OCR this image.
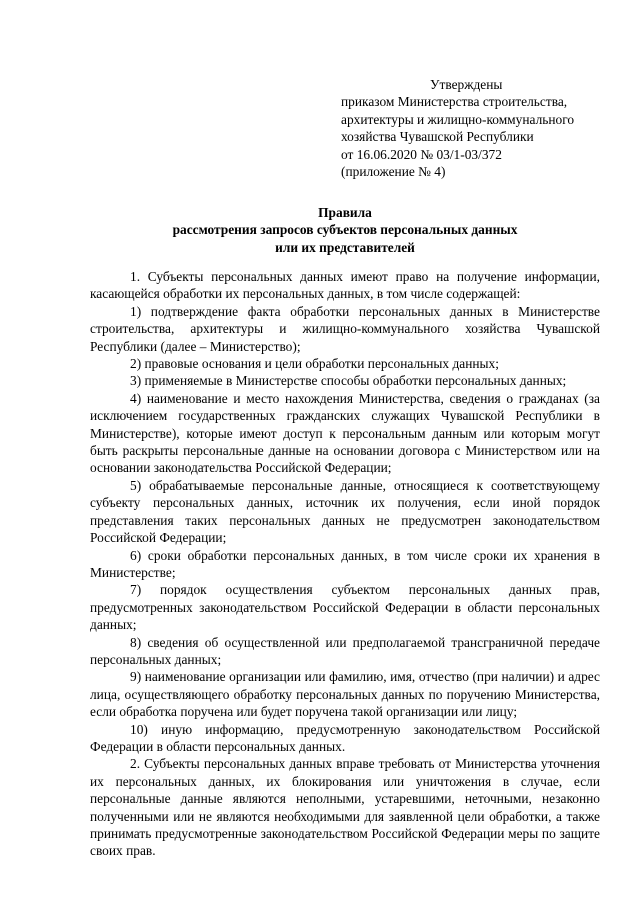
Утверждены
приказом Министерства строительства,
архитектуры и жилищно-коммунального
хозяйства Чувашской Республики
от 16.06.2020 № 03/1-03/372
(приложение № 4)
Правила
рассмотрения запросов субъектов персональных данных
или их представителей

1. Субъекты персональных данных имеют право на получение информации, касающейся обработки их персональных данных, в том числе содержащей:

1) подтверждение факта обработки персональных данных в Министерстве строительства, архитектуры и жилищно-коммунального хозяйства Чувашской Республики (далее – Министерство);

2) правовые основания и цели обработки персональных данных;

3) применяемые в Министерстве способы обработки персональных данных;

4) наименование и место нахождения Министерства, сведения о гражданах (за исключением государственных гражданских служащих Чувашской Республики в Министерстве), которые имеют доступ к персональным данным или которым могут быть раскрыты персональные данные на основании договора с Министерством или на основании законодательства Российской Федерации;

5) обрабатываемые персональные данные, относящиеся к соответствующему субъекту персональных данных, источник их получения, если иной порядок представления таких персональных данных не предусмотрен законодательством Российской Федерации;

6) сроки обработки персональных данных, в том числе сроки их хранения в Министерстве;

7) порядок осуществления субъектом персональных данных прав, предусмотренных законодательством Российской Федерации в области персональных данных;

8) сведения об осуществленной или предполагаемой трансграничной передаче персональных данных;

9) наименование организации или фамилию, имя, отчество (при наличии) и адрес лица, осуществляющего обработку персональных данных по поручению Министерства, если обработка поручена или будет поручена такой организации или лицу;

10) иную информацию, предусмотренную законодательством Российской Федерации в области персональных данных.

2. Субъекты персональных данных вправе требовать от Министерства уточнения их персональных данных, их блокирования или уничтожения в случае, если персональные данные являются неполными, устаревшими, неточными, незаконно полученными или не являются необходимыми для заявленной цели обработки, а также принимать предусмотренные законодательством Российской Федерации меры по защите своих прав.
